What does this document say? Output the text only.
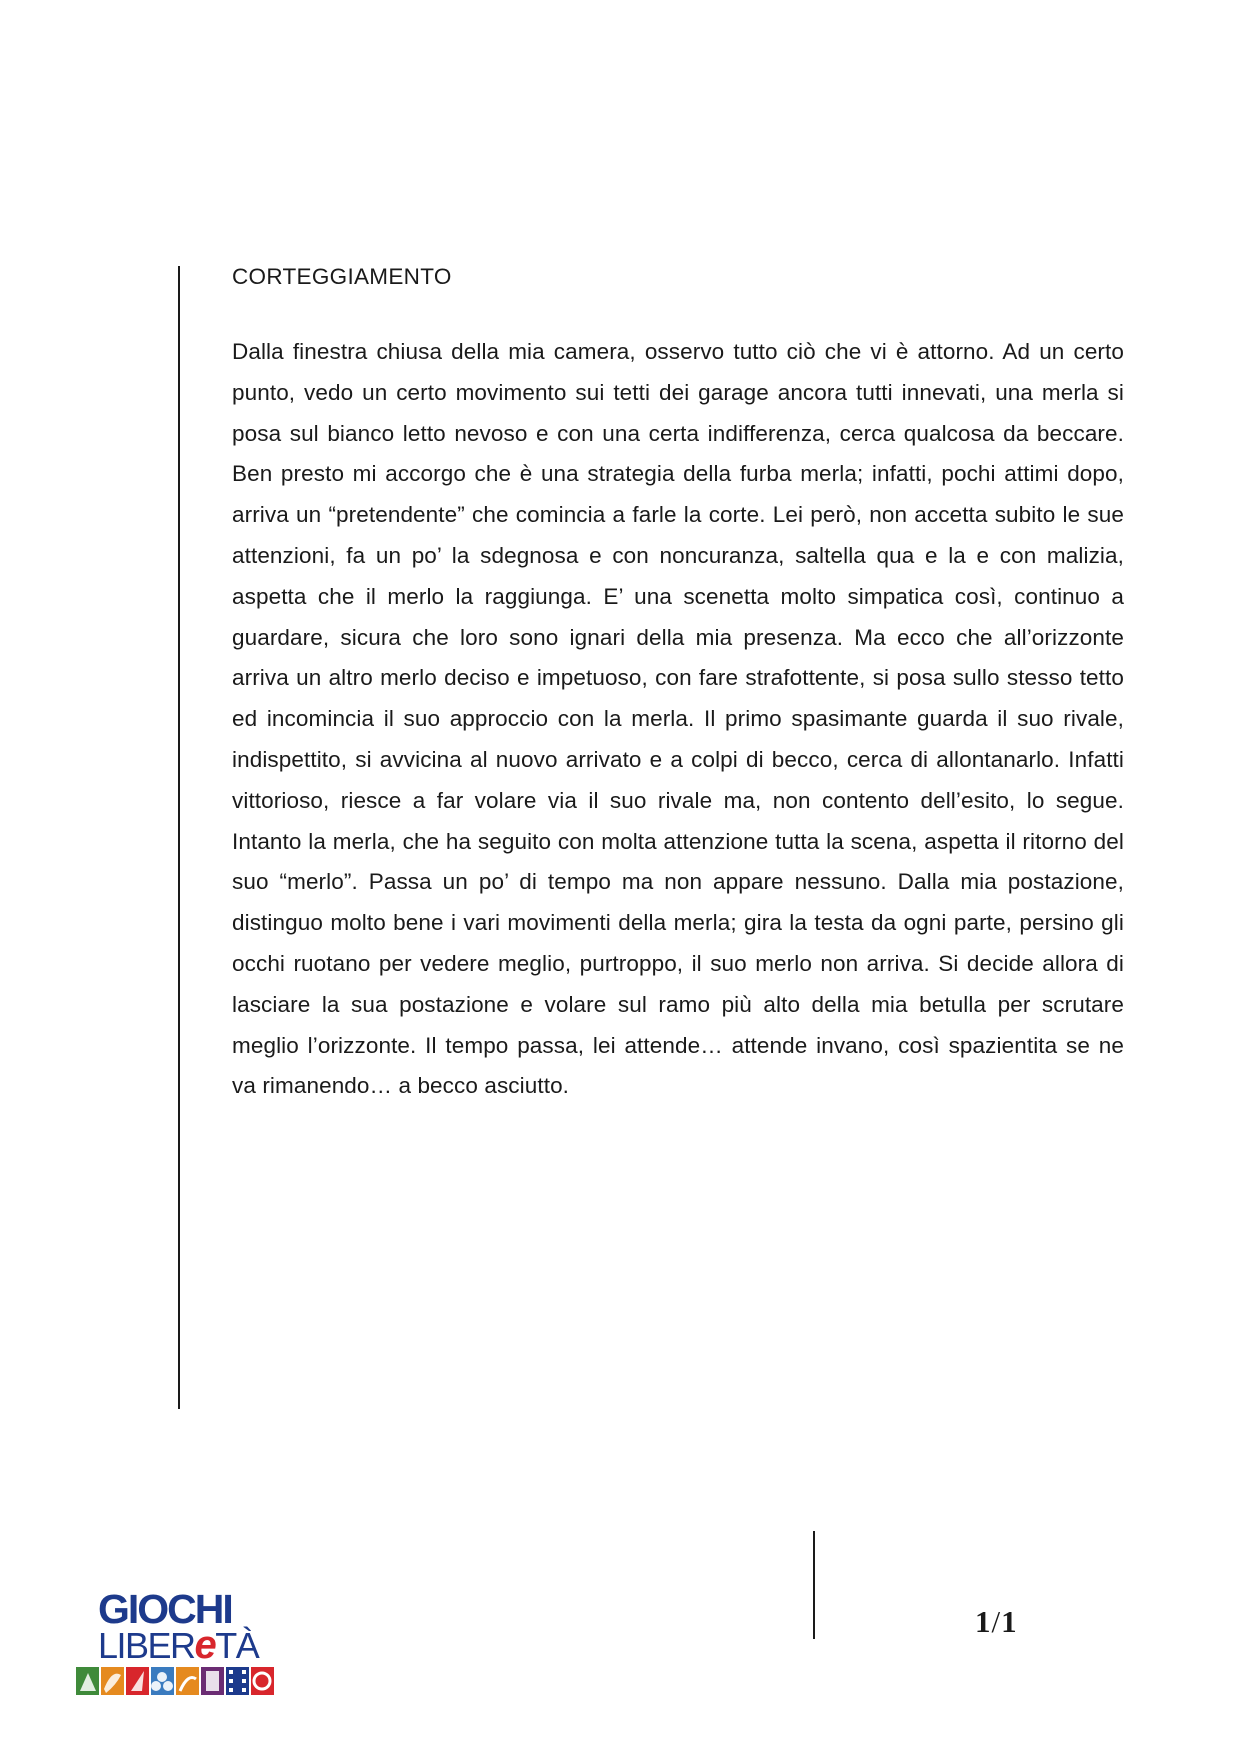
CORTEGGIAMENTO

Dalla finestra chiusa della mia camera, osservo tutto ciò che vi è attorno. Ad un certo punto, vedo un certo movimento sui tetti dei garage ancora tutti innevati, una merla si posa sul bianco letto nevoso e con una certa indifferenza, cerca qualcosa da beccare. Ben presto mi accorgo che è una strategia della furba merla; infatti, pochi attimi dopo, arriva un “pretendente” che comincia a farle la corte. Lei però, non accetta subito le sue attenzioni, fa un po’ la sdegnosa e con noncuranza, saltella qua e la e con malizia, aspetta che il merlo la raggiunga. E’ una scenetta molto simpatica così, continuo a guardare, sicura che loro sono ignari della mia presenza. Ma ecco che all’orizzonte arriva un altro merlo deciso e impetuoso, con fare strafottente, si posa sullo stesso tetto ed incomincia il suo approccio con la merla. Il primo spasimante guarda il suo rivale, indispettito, si avvicina al nuovo arrivato e a colpi di becco, cerca di allontanarlo. Infatti vittorioso, riesce a far volare via il suo rivale ma, non contento dell’esito, lo segue. Intanto la merla, che ha seguito con molta attenzione tutta la scena, aspetta il ritorno del suo “merlo”. Passa un po’ di tempo ma non appare nessuno. Dalla mia postazione, distinguo molto bene i vari movimenti della merla; gira la testa da ogni parte, persino gli occhi ruotano per vedere meglio, purtroppo, il suo merlo non arriva. Si decide allora di lasciare la sua postazione e volare sul ramo più alto della mia betulla per scrutare meglio l’orizzonte. Il tempo passa, lei attende… attende invano, così spazientita se ne va rimanendo… a becco asciutto.

GIOCHI
LIBEReTÀ
1/1
